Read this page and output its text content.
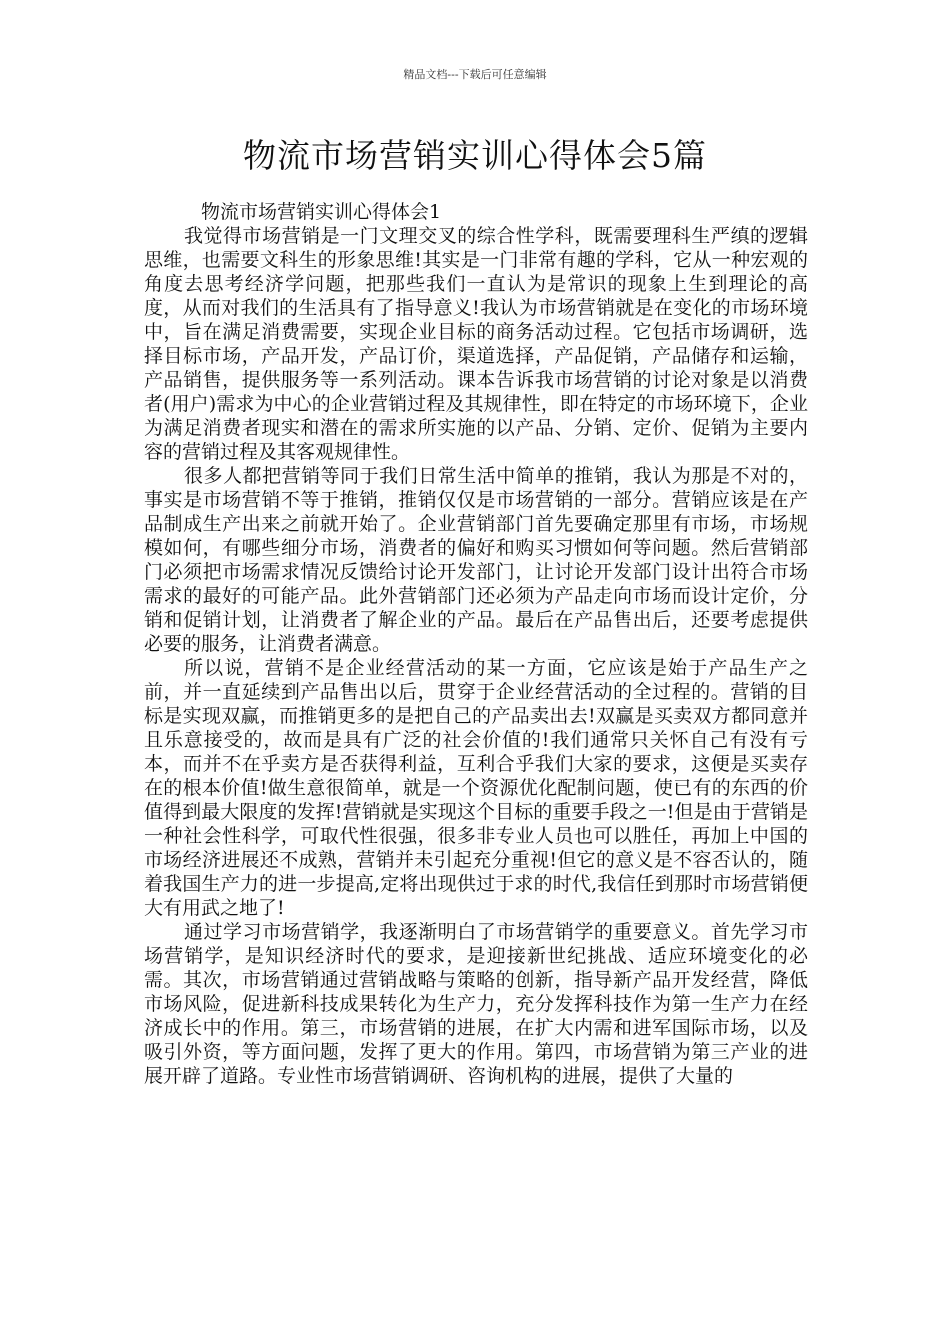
精品文档---下载后可任意编辑
物流市场营销实训心得体会5篇

物流市场营销实训心得体会1

我觉得市场营销是一门文理交叉的综合性学科，既需要理科生严缜的逻辑思维，也需要文科生的形象思维!其实是一门非常有趣的学科，它从一种宏观的角度去思考经济学问题，把那些我们一直认为是常识的现象上生到理论的高度，从而对我们的生活具有了指导意义!我认为市场营销就是在变化的市场环境中，旨在满足消费需要，实现企业目标的商务活动过程。它包括市场调研，选择目标市场，产品开发，产品订价，渠道选择，产品促销，产品储存和运输，产品销售，提供服务等一系列活动。课本告诉我市场营销的讨论对象是以消费者(用户)需求为中心的企业营销过程及其规律性，即在特定的市场环境下，企业为满足消费者现实和潜在的需求所实施的以产品、分销、定价、促销为主要内容的营销过程及其客观规律性。

很多人都把营销等同于我们日常生活中简单的推销，我认为那是不对的，事实是市场营销不等于推销，推销仅仅是市场营销的一部分。营销应该是在产品制成生产出来之前就开始了。企业营销部门首先要确定那里有市场，市场规模如何，有哪些细分市场，消费者的偏好和购买习惯如何等问题。然后营销部门必须把市场需求情况反馈给讨论开发部门，让讨论开发部门设计出符合市场需求的最好的可能产品。此外营销部门还必须为产品走向市场而设计定价，分销和促销计划，让消费者了解企业的产品。最后在产品售出后，还要考虑提供必要的服务，让消费者满意。

所以说，营销不是企业经营活动的某一方面，它应该是始于产品生产之前，并一直延续到产品售出以后，贯穿于企业经营活动的全过程的。营销的目标是实现双赢，而推销更多的是把自己的产品卖出去!双赢是买卖双方都同意并且乐意接受的，故而是具有广泛的社会价值的!我们通常只关怀自己有没有亏本，而并不在乎卖方是否获得利益，互利合乎我们大家的要求，这便是买卖存在的根本价值!做生意很简单，就是一个资源优化配制问题，使已有的东西的价值得到最大限度的发挥!营销就是实现这个目标的重要手段之一!但是由于营销是一种社会性科学，可取代性很强，很多非专业人员也可以胜任，再加上中国的市场经济进展还不成熟，营销并未引起充分重视!但它的意义是不容否认的，随着我国生产力的进一步提高,定将出现供过于求的时代,我信任到那时市场营销便大有用武之地了!

通过学习市场营销学，我逐渐明白了市场营销学的重要意义。首先学习市场营销学，是知识经济时代的要求，是迎接新世纪挑战、适应环境变化的必需。其次，市场营销通过营销战略与策略的创新，指导新产品开发经营，降低市场风险，促进新科技成果转化为生产力，充分发挥科技作为第一生产力在经济成长中的作用。第三，市场营销的进展，在扩大内需和进军国际市场，以及吸引外资，等方面问题，发挥了更大的作用。第四，市场营销为第三产业的进展开辟了道路。专业性市场营销调研、咨询机构的进展，提供了大量的
